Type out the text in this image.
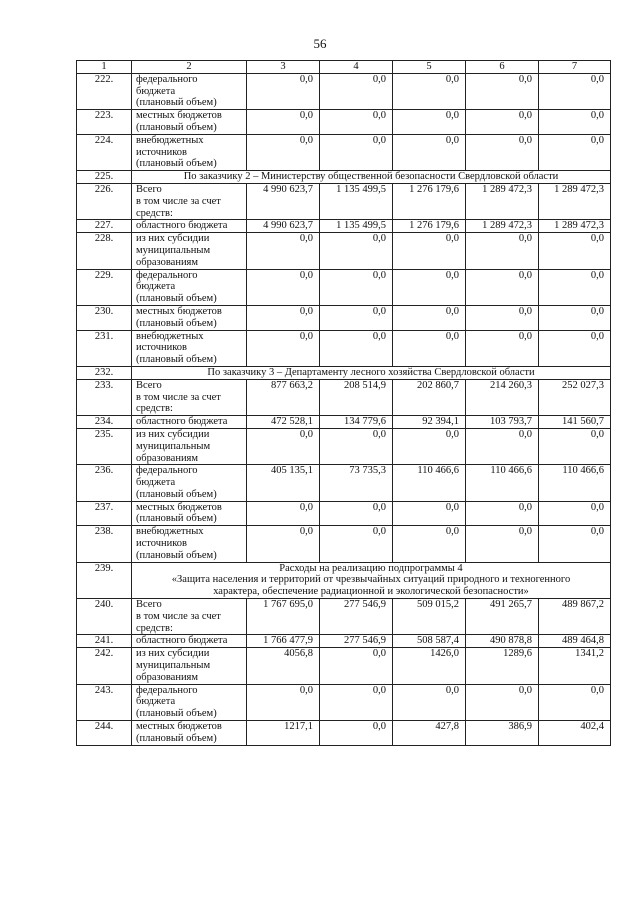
56
1	2	3	4	5	6	7
222.	федерального
бюджета
(плановый объем)	0,0	0,0	0,0	0,0	0,0
223.	местных бюджетов
(плановый объем)	0,0	0,0	0,0	0,0	0,0
224.	внебюджетных
источников
(плановый объем)	0,0	0,0	0,0	0,0	0,0
225.	По заказчику 2 – Министерству общественной безопасности Свердловской области					

226.	Всего
в том числе за счет
средств:	4 990 623,7	1 135 499,5	1 276 179,6	1 289 472,3	1 289 472,3
227.	областного бюджета	4 990 623,7	1 135 499,5	1 276 179,6	1 289 472,3	1 289 472,3
228.	из них субсидии
муниципальным
образованиям	0,0	0,0	0,0	0,0	0,0
229.	федерального
бюджета
(плановый объем)	0,0	0,0	0,0	0,0	0,0
230.	местных бюджетов
(плановый объем)	0,0	0,0	0,0	0,0	0,0
231.	внебюджетных
источников
(плановый объем)	0,0	0,0	0,0	0,0	0,0
232.	По заказчику 3 – Департаменту лесного хозяйства Свердловской области					

233.	Всего
в том числе за счет
средств:	877 663,2	208 514,9	202 860,7	214 260,3	252 027,3
234.	областного бюджета	472 528,1	134 779,6	92 394,1	103 793,7	141 560,7
235.	из них субсидии
муниципальным
образованиям	0,0	0,0	0,0	0,0	0,0
236.	федерального
бюджета
(плановый объем)	405 135,1	73 735,3	110 466,6	110 466,6	110 466,6
237.	местных бюджетов
(плановый объем)	0,0	0,0	0,0	0,0	0,0
238.	внебюджетных
источников
(плановый объем)	0,0	0,0	0,0	0,0	0,0
239.	Расходы на реализацию подпрограммы 4
«Защита населения и территорий от чрезвычайных ситуаций природного и техногенного
характера, обеспечение радиационной и экологической безопасности»					

240.	Всего
в том числе за счет
средств:	1 767 695,0	277 546,9	509 015,2	491 265,7	489 867,2
241.	областного бюджета	1 766 477,9	277 546,9	508 587,4	490 878,8	489 464,8
242.	из них субсидии
муниципальным
образованиям	4056,8	0,0	1426,0	1289,6	1341,2
243.	федерального
бюджета
(плановый объем)	0,0	0,0	0,0	0,0	0,0
244.	местных бюджетов
(плановый объем)	1217,1	0,0	427,8	386,9	402,4
